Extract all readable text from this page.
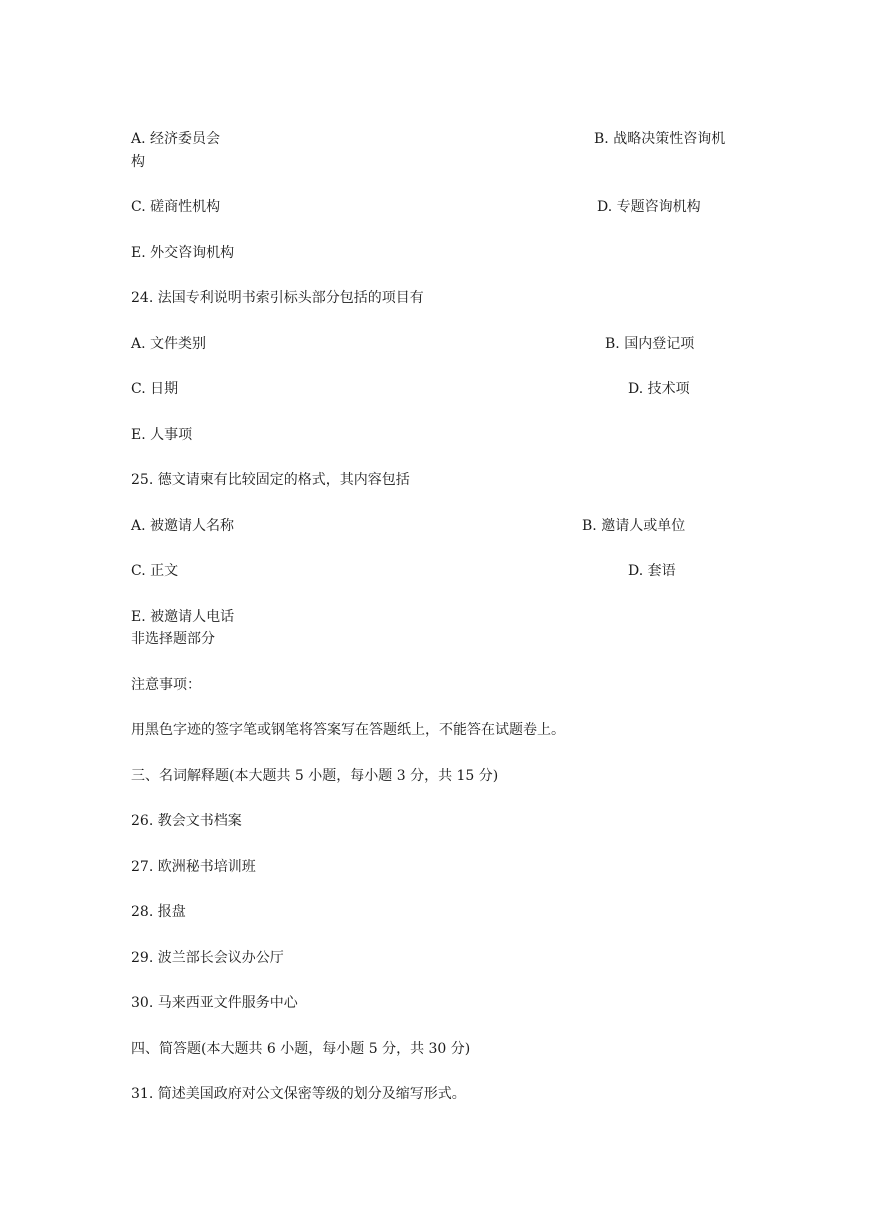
A. 经济委员会	B. 战略决策性咨询机
构
C. 磋商性机构	D. 专题咨询机构
E. 外交咨询机构
24. 法国专利说明书索引标头部分包括的项目有
A. 文件类别	B. 国内登记项
C. 日期	D. 技术项
E. 人事项
25. 德文请柬有比较固定的格式，其内容包括
A. 被邀请人名称	B. 邀请人或单位
C. 正文	D. 套语
E. 被邀请人电话
非选择题部分
注意事项：
用黑色字迹的签字笔或钢笔将答案写在答题纸上，不能答在试题卷上。
三、名词解释题(本大题共 5 小题，每小题 3 分，共 15 分)
26. 教会文书档案
27. 欧洲秘书培训班
28. 报盘
29. 波兰部长会议办公厅
30. 马来西亚文件服务中心
四、简答题(本大题共 6 小题，每小题 5 分，共 30 分)
31. 简述美国政府对公文保密等级的划分及缩写形式。
